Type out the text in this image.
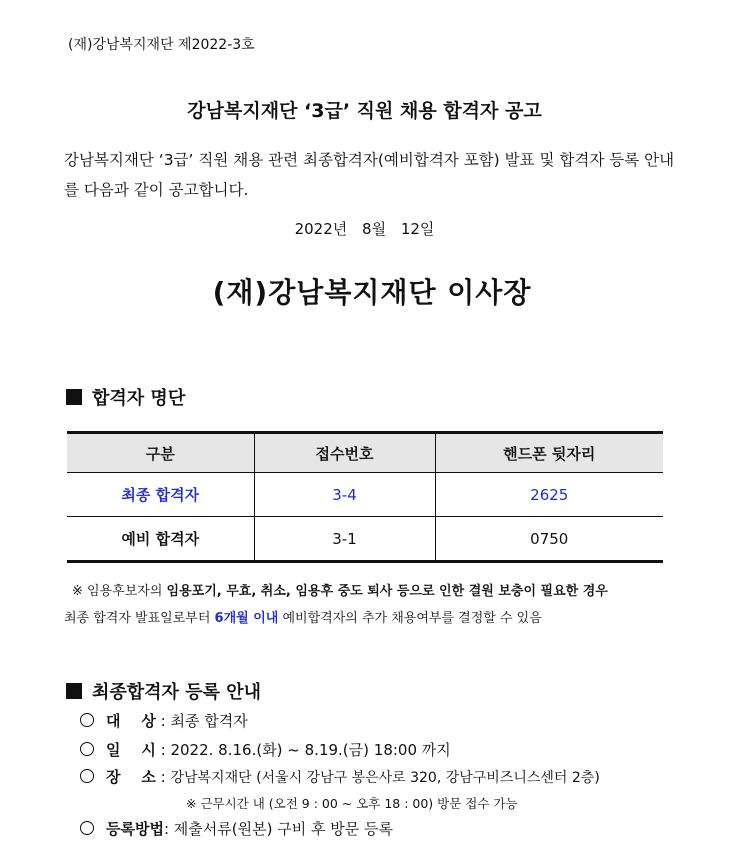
(재)강남복지재단 제2022-3호
강남복지재단 ‘3급’ 직원 채용 합격자 공고
강남복지재단 ‘3급’ 직원 채용 관련 최종합격자(예비합격자 포함) 발표 및 합격자 등록 안내를 다음과 같이 공고합니다.
2022년 8월 12일
(재)강남복지재단 이사장
합격자 명단
구분	접수번호	핸드폰 뒷자리
최종 합격자	3-4	2625
예비 합격자	3-1	0750
※ 임용후보자의 임용포기, 무효, 취소, 임용후 중도 퇴사 등으로 인한 결원 보충이 필요한 경우
최종 합격자 발표일로부터 6개월 이내 예비합격자의 추가 채용여부를 결정할 수 있음
최종합격자 등록 안내
대    상 : 최종 합격자
일    시 : 2022. 8.16.(화) ~ 8.19.(금) 18:00 까지
장    소 : 강남복지재단 (서울시 강남구 봉은사로 320, 강남구비즈니스센터 2층)
등록방법: 제출서류(원본) 구비 후 방문 등록
※ 근무시간 내 (오전 9 : 00 ~ 오후 18 : 00) 방문 접수 가능
